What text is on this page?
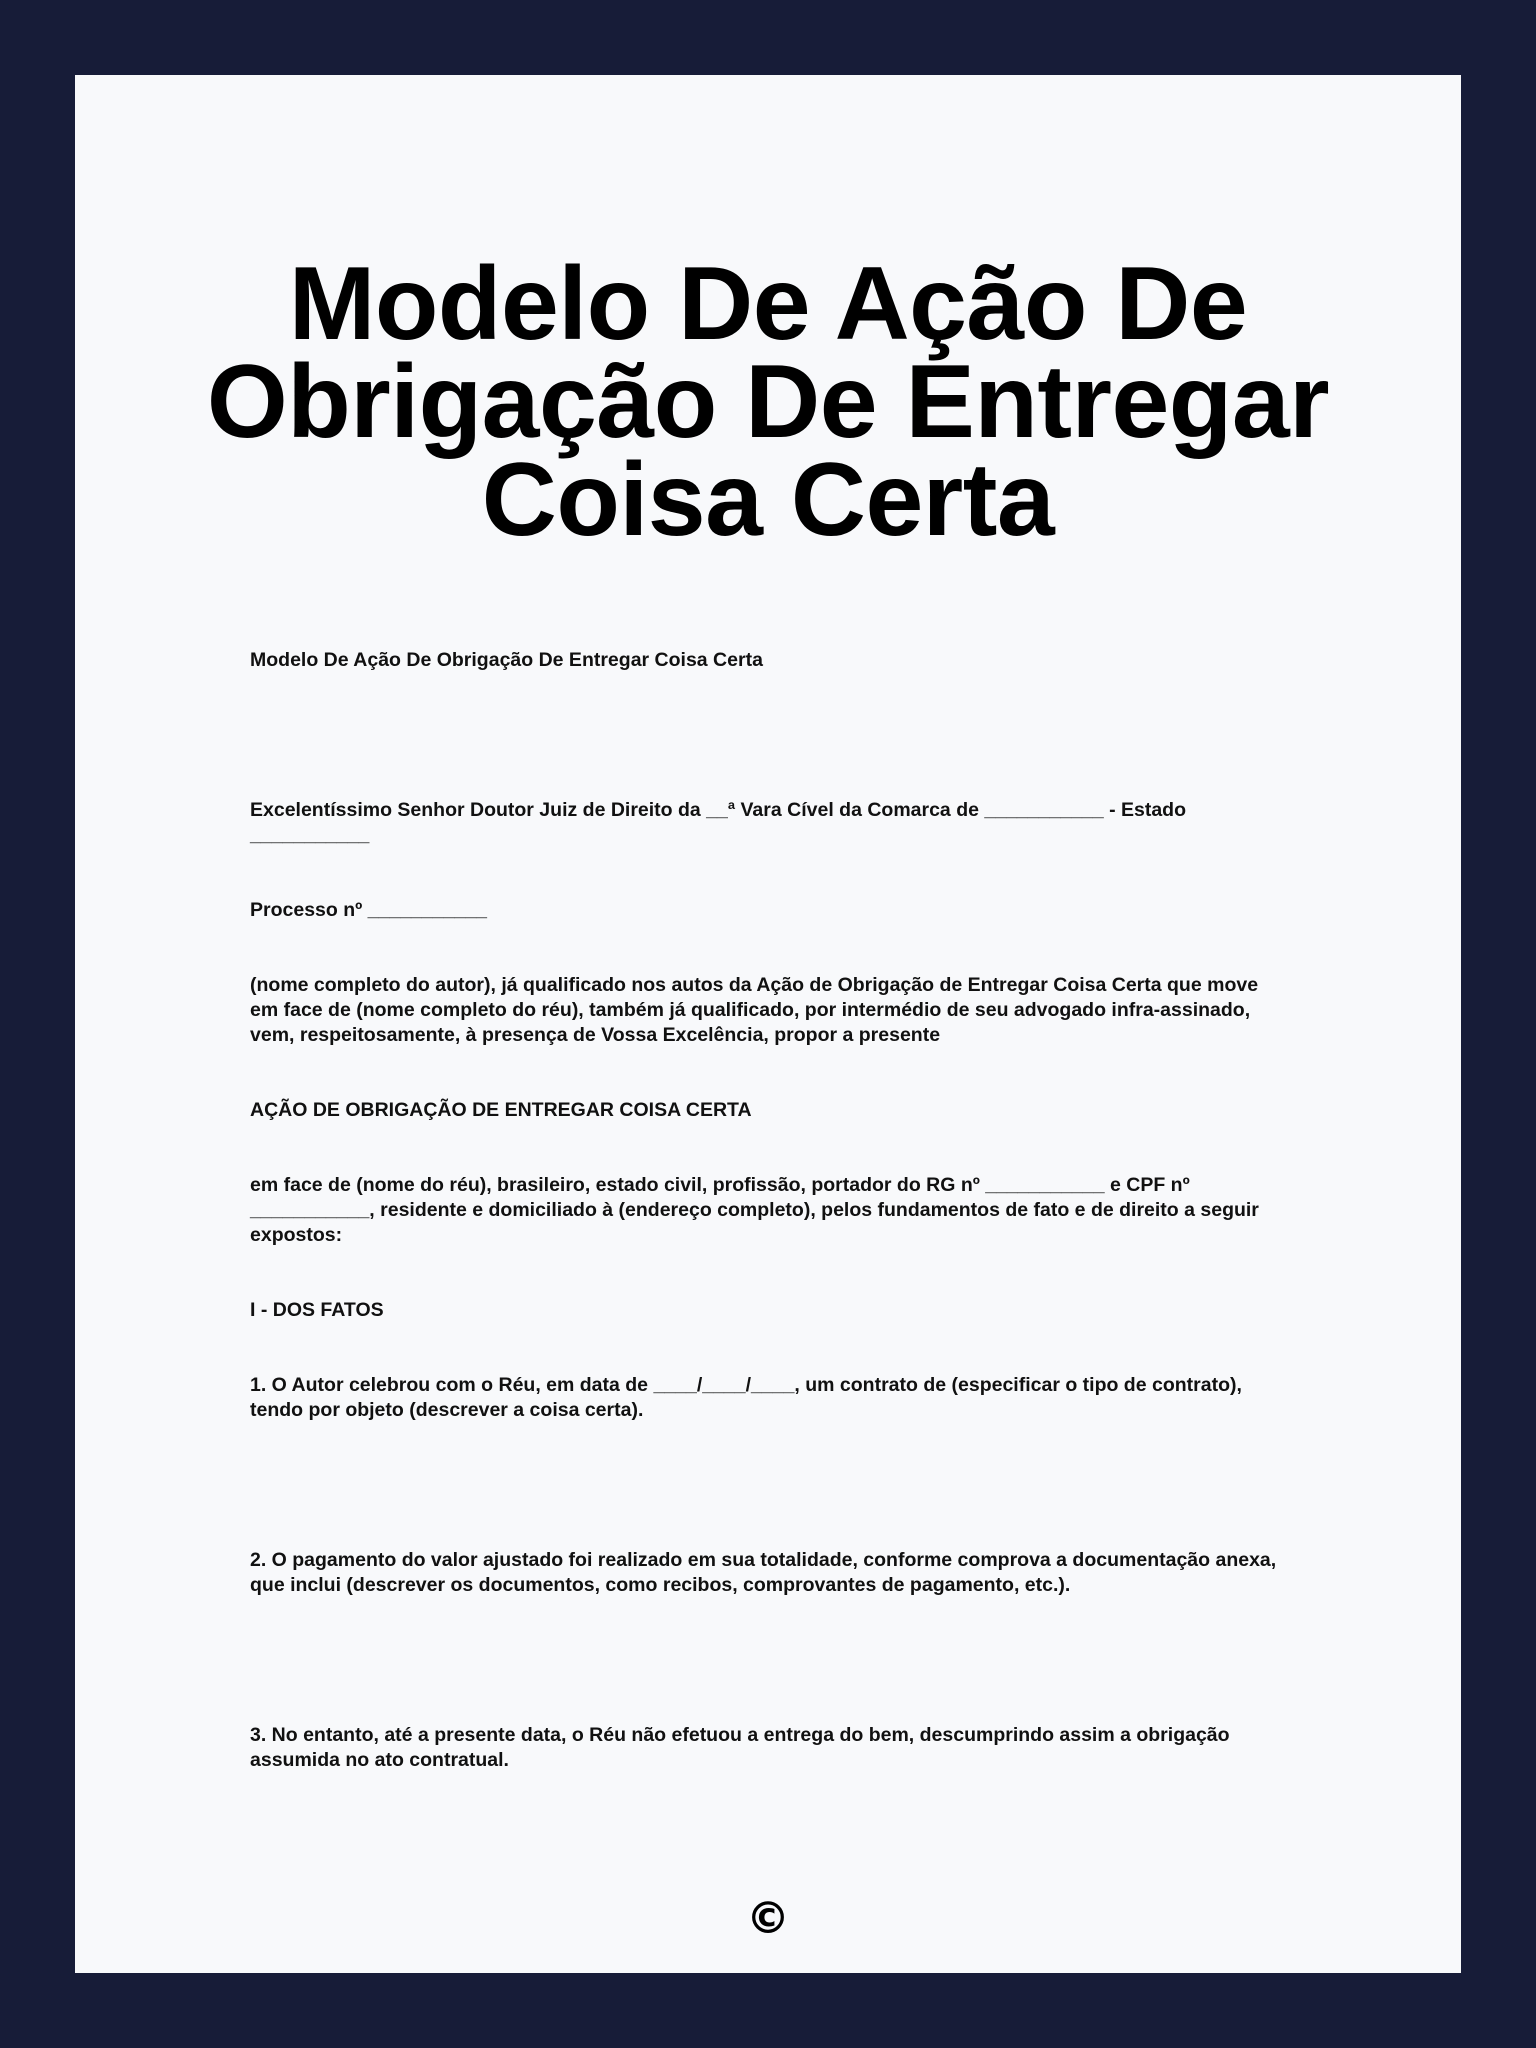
Modelo De Ação De Obrigação De Entregar Coisa Certa

Modelo De Ação De Obrigação De Entregar Coisa Certa

Excelentíssimo Senhor Doutor Juiz de Direito da __ª Vara Cível da Comarca de ___________ - Estado ___________

Processo nº ___________

(nome completo do autor), já qualificado nos autos da Ação de Obrigação de Entregar Coisa Certa que move em face de (nome completo do réu), também já qualificado, por intermédio de seu advogado infra-assinado, vem, respeitosamente, à presença de Vossa Excelência, propor a presente

AÇÃO DE OBRIGAÇÃO DE ENTREGAR COISA CERTA

em face de (nome do réu), brasileiro, estado civil, profissão, portador do RG nº ___________ e CPF nº ___________, residente e domiciliado à (endereço completo), pelos fundamentos de fato e de direito a seguir expostos:

I - DOS FATOS

1. O Autor celebrou com o Réu, em data de ____/____/____, um contrato de (especificar o tipo de contrato), tendo por objeto (descrever a coisa certa).

2. O pagamento do valor ajustado foi realizado em sua totalidade, conforme comprova a documentação anexa, que inclui (descrever os documentos, como recibos, comprovantes de pagamento, etc.).

3. No entanto, até a presente data, o Réu não efetuou a entrega do bem, descumprindo assim a obrigação assumida no ato contratual.

©
